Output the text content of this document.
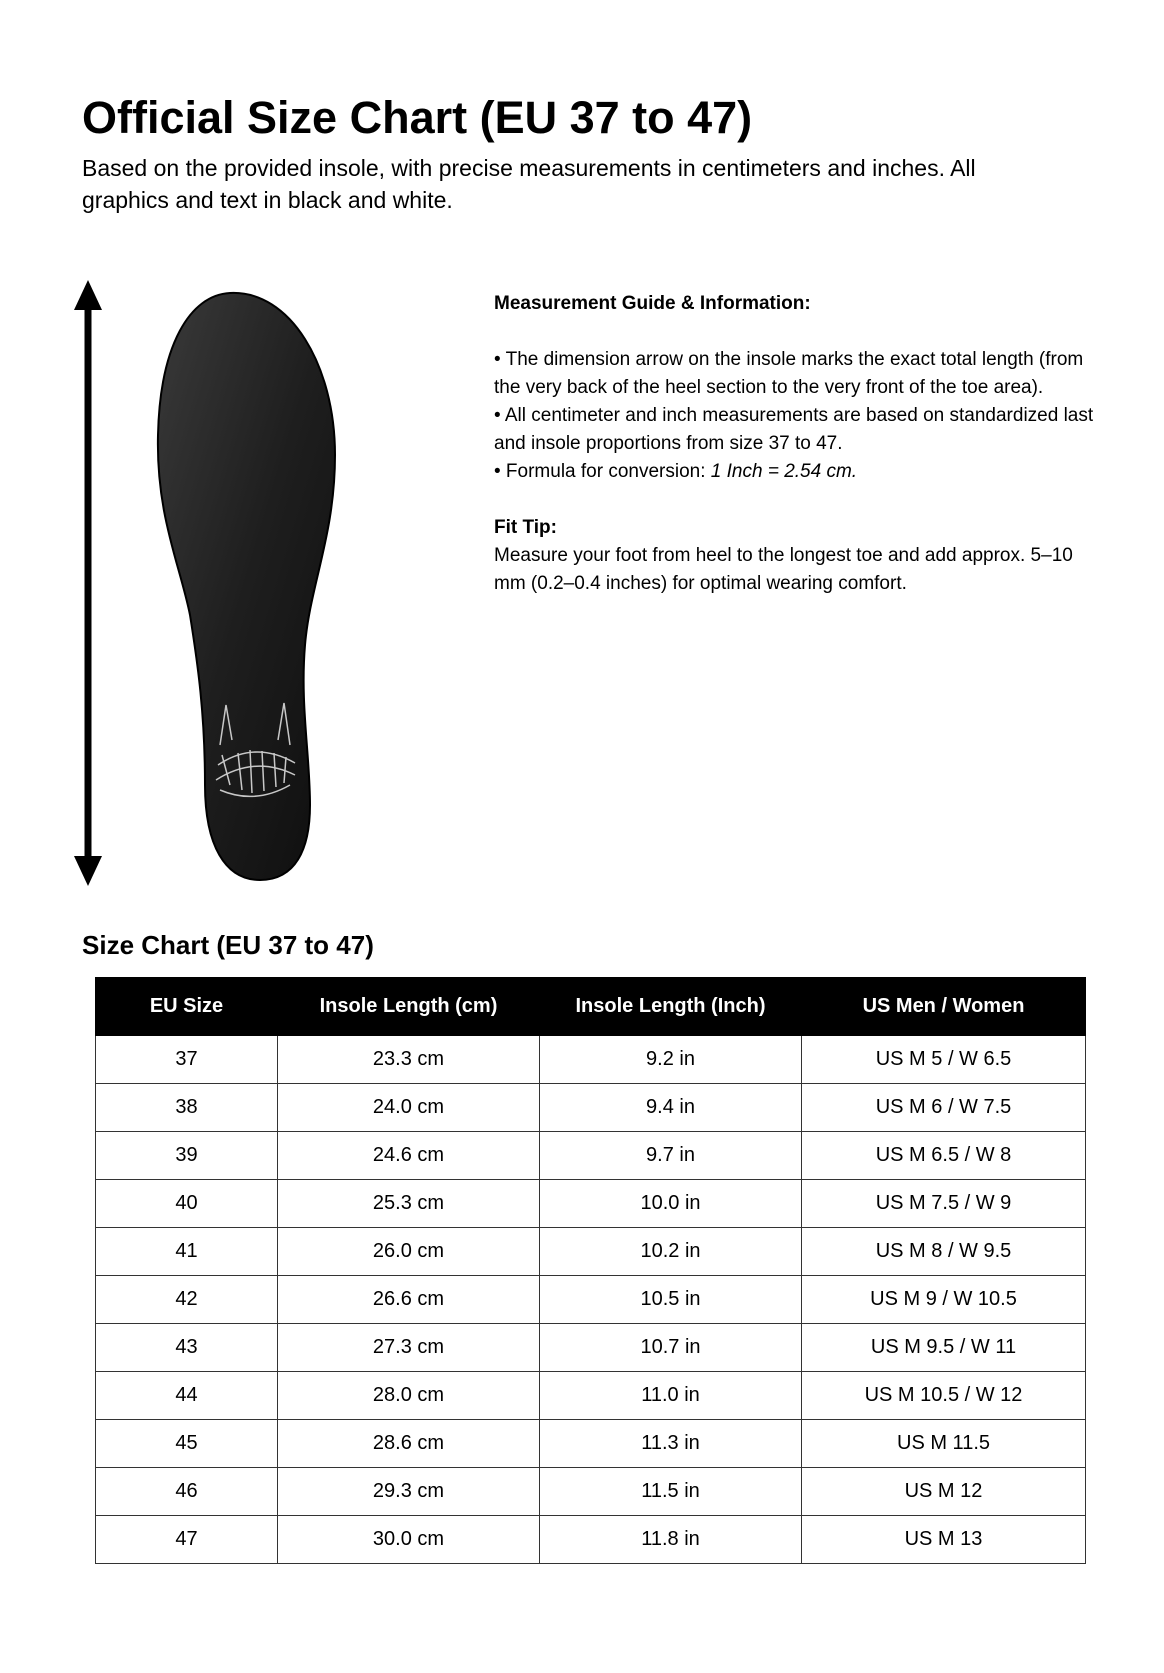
Official Size Chart (EU 37 to 47)

Based on the provided insole, with precise measurements in centimeters and inches. All graphics and text in black and white.

Measurement Guide & Information:

• The dimension arrow on the insole marks the exact total length (from the very back of the heel section to the very front of the toe area).

• All centimeter and inch measurements are based on standardized last and insole proportions from size 37 to 47.

• Formula for conversion: 1 Inch = 2.54 cm.

Fit Tip:

Measure your foot from heel to the longest toe and add approx. 5–10 mm (0.2–0.4 inches) for optimal wearing comfort.

Size Chart (EU 37 to 47)
EU Size	Insole Length (cm)	Insole Length (Inch)	US Men / Women
37	23.3 cm	9.2 in	US M 5 / W 6.5
38	24.0 cm	9.4 in	US M 6 / W 7.5
39	24.6 cm	9.7 in	US M 6.5 / W 8
40	25.3 cm	10.0 in	US M 7.5 / W 9
41	26.0 cm	10.2 in	US M 8 / W 9.5
42	26.6 cm	10.5 in	US M 9 / W 10.5
43	27.3 cm	10.7 in	US M 9.5 / W 11
44	28.0 cm	11.0 in	US M 10.5 / W 12
45	28.6 cm	11.3 in	US M 11.5
46	29.3 cm	11.5 in	US M 12
47	30.0 cm	11.8 in	US M 13
